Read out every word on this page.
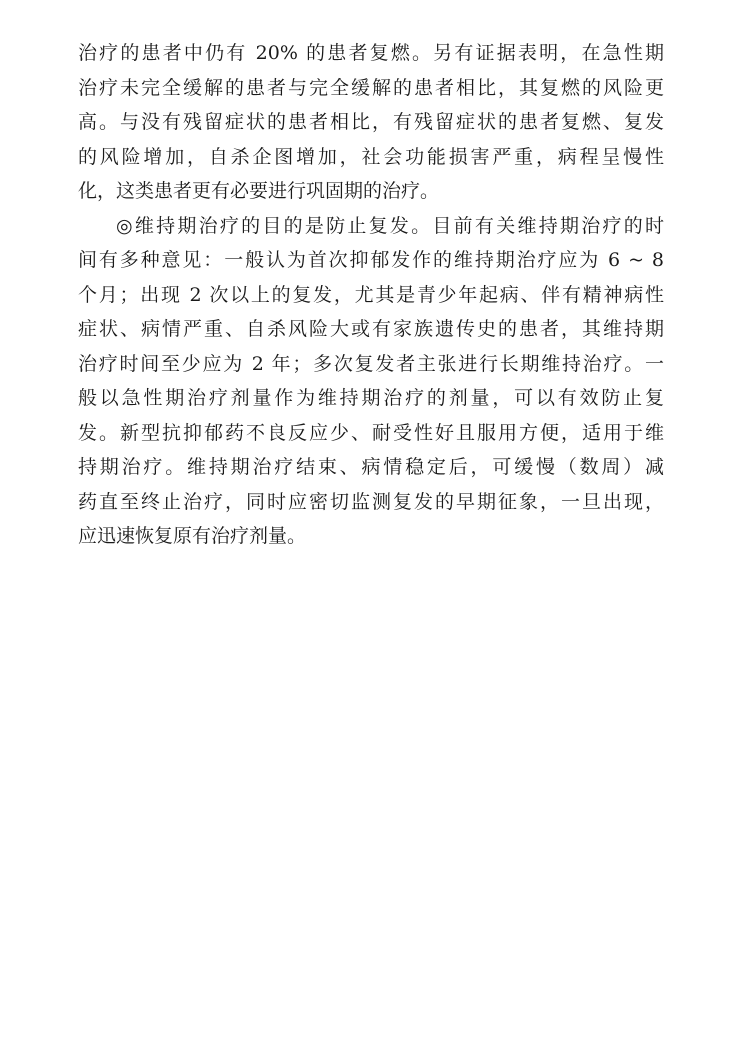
治疗的患者中仍有 20% 的患者复燃。另有证据表明，在急性期
治疗未完全缓解的患者与完全缓解的患者相比，其复燃的风险更
高。与没有残留症状的患者相比，有残留症状的患者复燃、复发
的风险增加，自杀企图增加，社会功能损害严重，病程呈慢性
化，这类患者更有必要进行巩固期的治疗。
◎维持期治疗的目的是防止复发。目前有关维持期治疗的时
间有多种意见：一般认为首次抑郁发作的维持期治疗应为 6 ~ 8
个月；出现 2 次以上的复发，尤其是青少年起病、伴有精神病性
症状、病情严重、自杀风险大或有家族遗传史的患者，其维持期
治疗时间至少应为 2 年；多次复发者主张进行长期维持治疗。一
般以急性期治疗剂量作为维持期治疗的剂量，可以有效防止复
发。新型抗抑郁药不良反应少、耐受性好且服用方便，适用于维
持期治疗。维持期治疗结束、病情稳定后，可缓慢（数周）减
药直至终止治疗，同时应密切监测复发的早期征象，一旦出现，
应迅速恢复原有治疗剂量。
